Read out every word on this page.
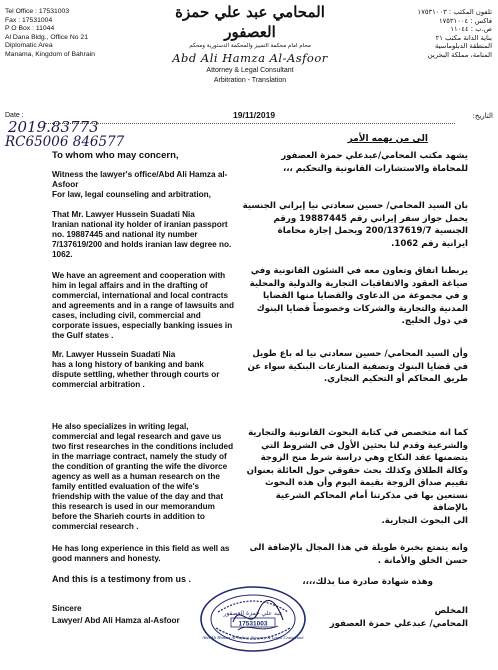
Tel Office : 17531003
Fax : 17531004
P O Box : 11044
Al Dana Bldg., Office No 21
Diplomatic Area
Manama, Kingdom of Bahrain
تلفون المكتب : ١٧٥٣١٠٠٣
فاكس : ١٧٥٣١٠٠٤
ص.ب : ١١٠٤٤
بناية الدانة مكتب ٢١
المنطقة الدبلوماسية
المنامة، مملكة البحرين
المحامي عبد علي حمزة العصفور
محام امام محكمة التمييز والمحكمة الدستورية ومحكم
Abd Ali Hamza Al-Asfoor
Attorney & Legal Consultant
Arbitration - Translation
Date :	19/11/2019	:التاريخ
2019.83773
RC65006 846577
To whom who may concern,
Witness the lawyer's office/Abd Ali Hamza al-
Asfoor
For law, legal counseling and arbitration,
That Mr. Lawyer Hussein Suadati Nia
Iranian national ity holder of iranian passport
no. 19887445 and national ity number
7/137619/200 and holds iranian law degree no.
1062.
We have an agreement and cooperation with
him in legal affairs and in the drafting of
commercial, international and local contracts
and agreements and in a range of lawsuits and
cases, including civil, commercial and
corporate issues, especially banking issues in
the Gulf states .
Mr. Lawyer Hussein Suadati Nia
has a long history of banking and bank
dispute settling, whether through courts or
commercial arbitration .
He also specializes in writing legal,
commercial and legal research and gave us
two first researches in the conditions included
in the marriage contract, namely the study of
the condition of granting the wife the divorce
agency as well as a human research on the
family entitled evaluation of the wife's
friendship with the value of the day and that
this research is used in our memorandum
before the Sharieh courts in addition to
commercial research .
He has long experience in this field as well as
good manners and honesty.
And this is a testimony from us .
Sincere
Lawyer/ Abd Ali Hamza al-Asfoor
الى من يهمه الأمر
يشهد مكتب المحامي/عبدعلي حمزة العصفور
للمحاماة والاستشارات القانونية والتحكيم ،،،
بان السيد المحامي/ حسين سعادتي نيا إيراني الجنسية
يحمل جواز سفر إيراني رقم 19887445 ورقم
الجنسية 200/137619/7 ويحمل إجازة محاماة
ايرانية رقم 1062.
يربطنا اتفاق وتعاون معه في الشئون القانونية وفي
صياغة العقود والاتفاقيات التجارية والدولية والمحلية
و في مجموعة من الدعاوى والقضايا منها القضايا
المدنية والتجارية والشركات وخصوصاً قضايا البنوك
في دول الخليج.
وأن السيد المحامي/ حسين سعادتي نيا له باع طويل
في قضايا البنوك وتصفية المنازعات البنكية سواء عن
طريق المحاكم أو التحكيم التجاري.
كما انه متخصص في كتابة البحوث القانونية والتجارية
والشرعية وقدم لنا بحثين الأول في الشروط التي
يتضمنها عقد النكاح وهي دراسة شرط منح الزوجة
وكالة الطلاق وكذلك بحث حقوقي حول العائلة بعنوان
تقييم صداق الزوجة بقيمة اليوم وأن هذه البحوث
نستعين بها في مذكرتنا أمام المحاكم الشرعية بالإضافة
الى البحوث التجارية.
وانه يتمتع بخبرة طويلة في هذا المجال بالإضافة الى
حسن الخلق والأمانة .
وهذه شهادة صادرة منا بذلك،،،،
المخلص
المحامي/ عبدعلي حمزة العصفور
عبد علي حمزة العصفور
17531003
Abd Ali Hamza Al-Asfoor Attorney & Legal Consultant
